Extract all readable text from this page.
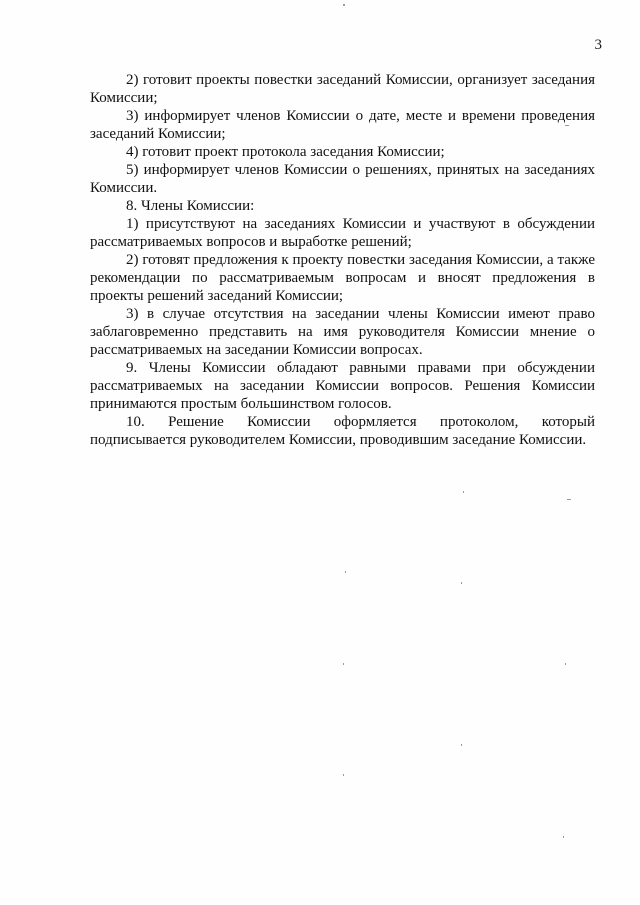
3

2) готовит проекты повестки заседаний Комиссии, организует заседания Комиссии;

3) информирует членов Комиссии о дате, месте и времени проведения заседаний Комиссии;

4) готовит проект протокола заседания Комиссии;

5) информирует членов Комиссии о решениях, принятых на заседаниях Комиссии.

8. Члены Комиссии:

1) присутствуют на заседаниях Комиссии и участвуют в обсуждении рассматриваемых вопросов и выработке решений;

2) готовят предложения к проекту повестки заседания Комиссии, а также рекомендации по рассматриваемым вопросам и вносят предложения в проекты решений заседаний Комиссии;

3) в случае отсутствия на заседании члены Комиссии имеют право заблаговременно представить на имя руководителя Комиссии мнение о рассматриваемых на заседании Комиссии вопросах.

9. Члены Комиссии обладают равными правами при обсуждении рассматриваемых на заседании Комиссии вопросов. Решения Комиссии принимаются простым большинством голосов.

10. Решение Комиссии оформляется протоколом, который подписывается руководителем Комиссии, проводившим заседание Комиссии.
